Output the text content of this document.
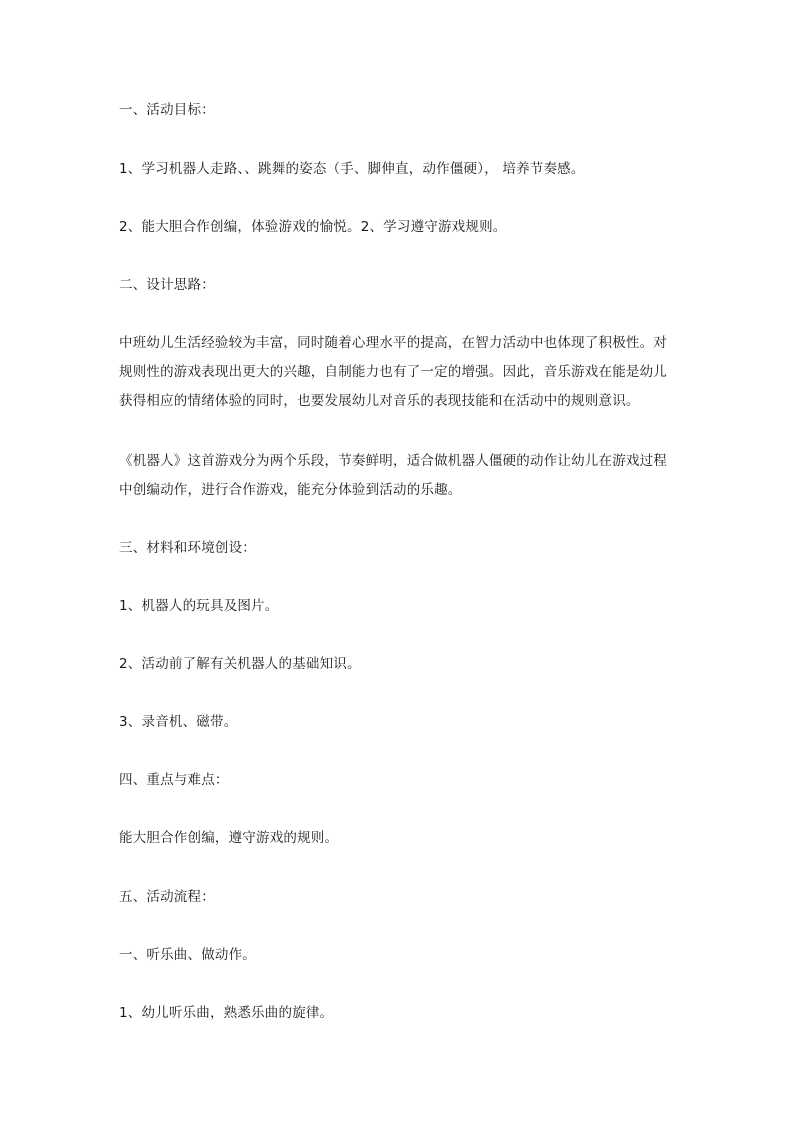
一、活动目标：
1、学习机器人走路、、跳舞的姿态（手、脚伸直，动作僵硬）， 培养节奏感。
2、能大胆合作创编，体验游戏的愉悦。2、学习遵守游戏规则。
二、设计思路：
中班幼儿生活经验较为丰富，同时随着心理水平的提高，在智力活动中也体现了积极性。对
规则性的游戏表现出更大的兴趣，自制能力也有了一定的增强。因此，音乐游戏在能是幼儿
获得相应的情绪体验的同时，也要发展幼儿对音乐的表现技能和在活动中的规则意识。
《机器人》这首游戏分为两个乐段，节奏鲜明，适合做机器人僵硬的动作让幼儿在游戏过程
中创编动作，进行合作游戏，能充分体验到活动的乐趣。
三、材料和环境创设：
1、机器人的玩具及图片。
2、活动前了解有关机器人的基础知识。
3、录音机、磁带。
四、重点与难点：
能大胆合作创编，遵守游戏的规则。
五、活动流程：
一、听乐曲、做动作。
1、幼儿听乐曲，熟悉乐曲的旋律。
